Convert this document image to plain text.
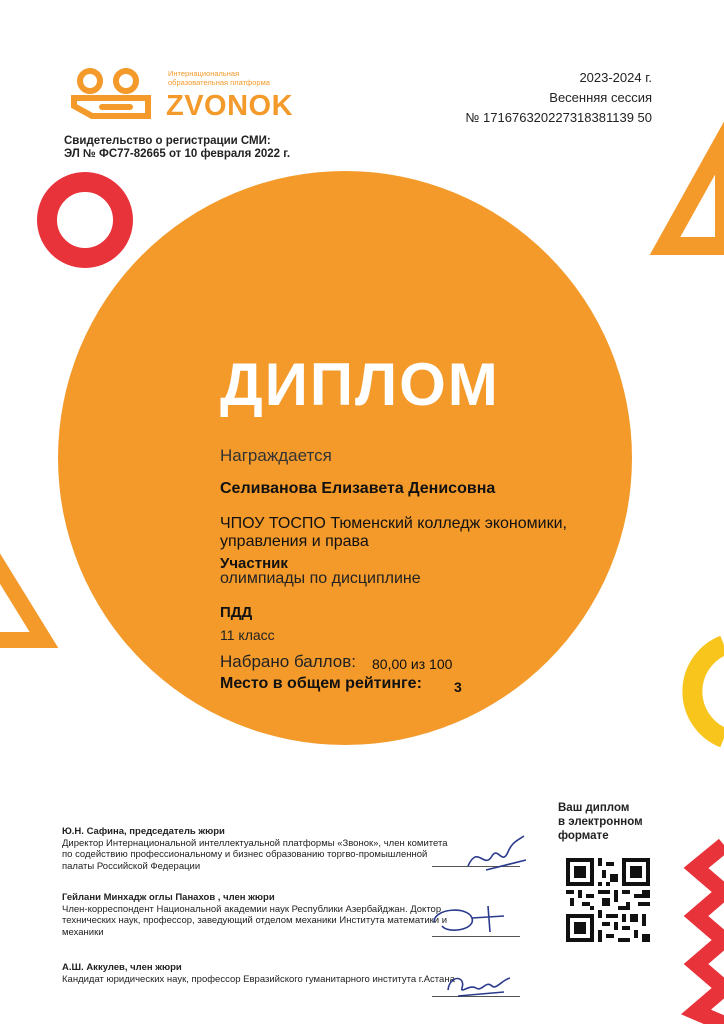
Интернациональная
образовательная платформа
ZVONOK
Свидетельство о регистрации СМИ:
ЭЛ № ФС77-82665 от 10 февраля 2022 г.
2023-2024 г.
Весенняя сессия
№ 171676320227318381139 50
ДИПЛОМ
Награждается
Селиванова Елизавета Денисовна
ЧПОУ ТОСПО Тюменский колледж экономики, управления и права
Участник
олимпиады по дисциплине
ПДД
11 класс
Набрано баллов: 80,00 из 100
Место в общем рейтинге: 3
Ю.Н. Сафина, председатель жюри
Директор Интернациональной интеллектуальной платформы «Звонок», член комитета по содействию профессиональному и бизнес образованию торгво-промышленной палаты Российской Федерации
Гейлани Минхадж оглы Панахов , член жюри
Член-корреспондент Национальной академии наук Республики Азербайджан. Доктор технических наук, профессор, заведующий отделом механики Института математики и механики
А.Ш. Аккулев, член жюри
Кандидат юридических наук, профессор Евразийского гуманитарного института г.Астана
Ваш диплом
в электронном
формате
